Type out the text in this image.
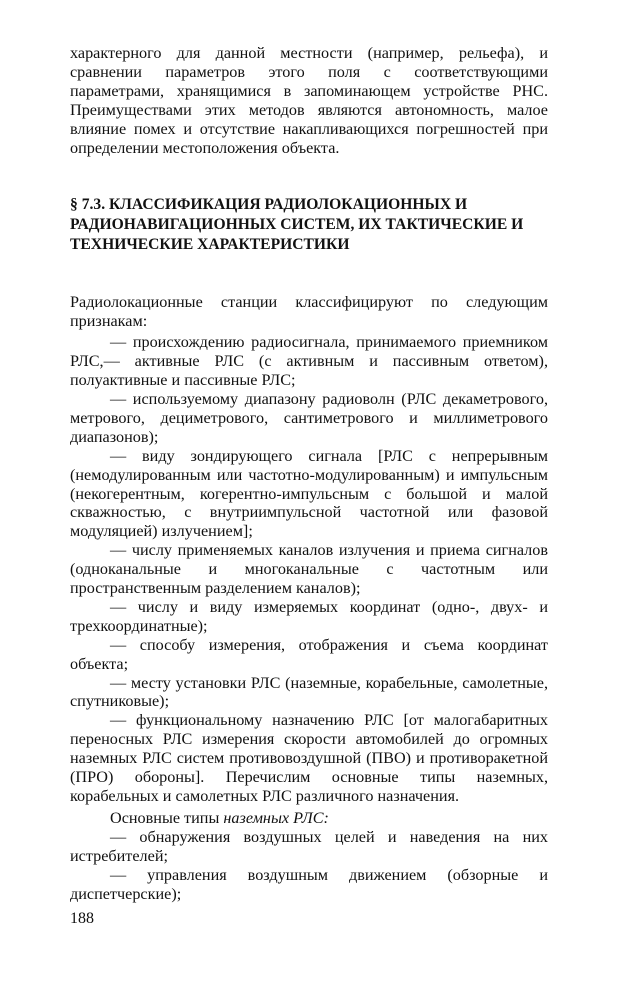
характерного для данной местности (например, рельефа), и сравнении параметров этого поля с соответствующими параметрами, хранящимися в запоминающем устройстве РНС. Преимуществами этих методов являются автономность, малое влияние помех и отсутствие накапливающихся погрешностей при определении местоположения объекта.

§ 7.3. КЛАССИФИКАЦИЯ РАДИОЛОКАЦИОННЫХ И РАДИОНАВИГАЦИОННЫХ СИСТЕМ, ИХ ТАКТИЧЕСКИЕ И ТЕХНИЧЕСКИЕ ХАРАКТЕРИСТИКИ

Радиолокационные станции классифицируют по следующим признакам:

— происхождению радиосигнала, принимаемого приемником РЛС,— активные РЛС (с активным и пассивным ответом), полуактивные и пассивные РЛС;

— используемому диапазону радиоволн (РЛС декаметрового, метрового, дециметрового, сантиметрового и миллиметрового диапазонов);

— виду зондирующего сигнала [РЛС с непрерывным (немодулированным или частотно-модулированным) и импульсным (некогерентным, когерентно-импульсным с большой и малой скважностью, с внутриимпульсной частотной или фазовой модуляцией) излучением];

— числу применяемых каналов излучения и приема сигналов (одноканальные и многоканальные с частотным или пространственным разделением каналов);

— числу и виду измеряемых координат (одно-, двух- и трехкоординатные);

— способу измерения, отображения и съема координат объекта;

— месту установки РЛС (наземные, корабельные, самолетные, спутниковые);

— функциональному назначению РЛС [от малогабаритных переносных РЛС измерения скорости автомобилей до огромных наземных РЛС систем противовоздушной (ПВО) и противоракетной (ПРО) обороны]. Перечислим основные типы наземных, корабельных и самолетных РЛС различного назначения.

Основные типы наземных РЛС:

— обнаружения воздушных целей и наведения на них истребителей;

— управления воздушным движением (обзорные и диспетчерские);

188
